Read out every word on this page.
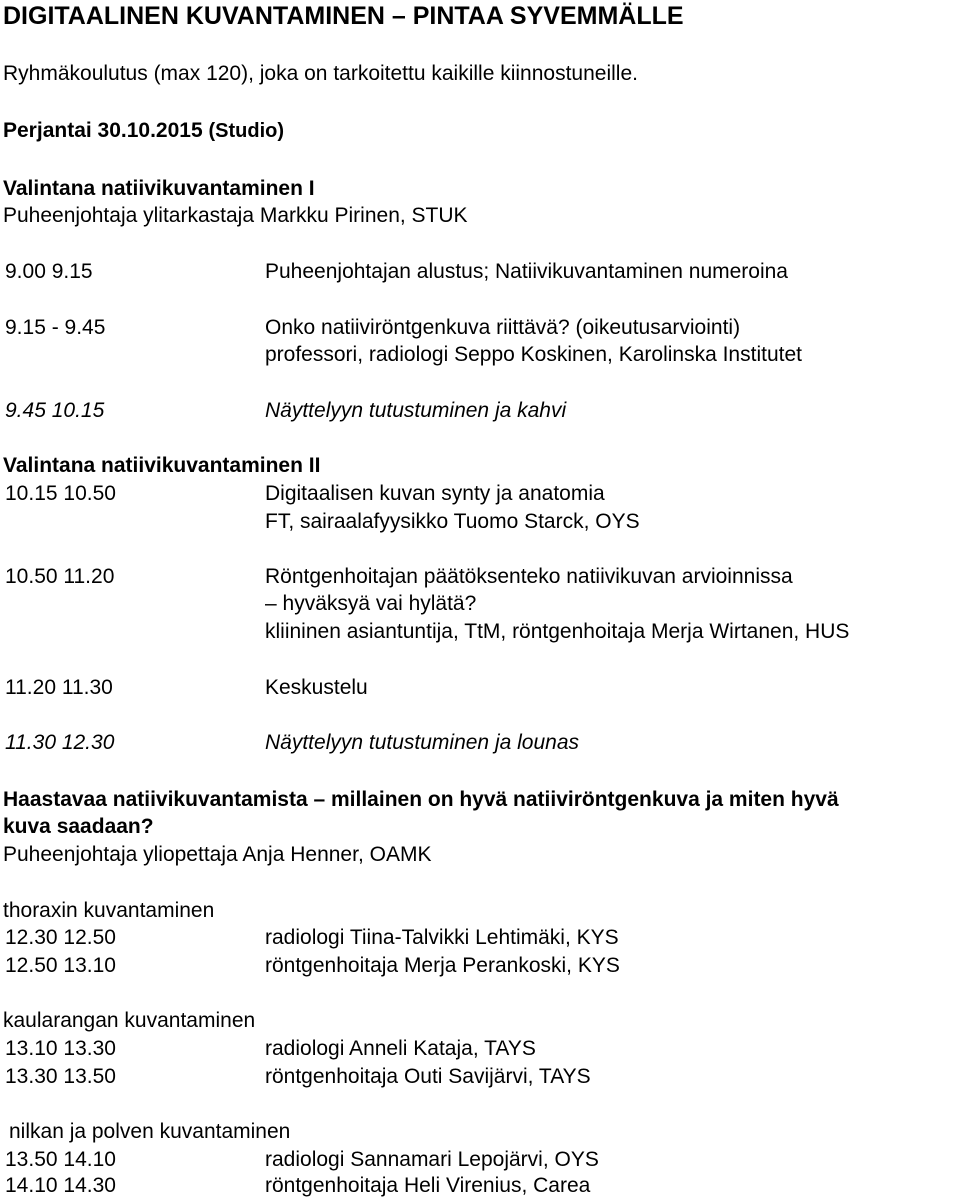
DIGITAALINEN KUVANTAMINEN – PINTAA SYVEMMÄLLE
Ryhmäkoulutus (max 120), joka on tarkoitettu kaikille kiinnostuneille.
Perjantai 30.10.2015 (Studio)
Valintana natiivikuvantaminen I
Puheenjohtaja ylitarkastaja Markku Pirinen, STUK
9.00 9.15	Puheenjohtajan alustus; Natiivikuvantaminen numeroina
9.15 - 9.45	Onko natiiviröntgenkuva riittävä? (oikeutusarviointi)
professori, radiologi Seppo Koskinen, Karolinska Institutet
9.45 10.15	Näyttelyyn tutustuminen ja kahvi
Valintana natiivikuvantaminen II
10.15 10.50	Digitaalisen kuvan synty ja anatomia
FT, sairaalafyysikko Tuomo Starck, OYS
10.50 11.20	Röntgenhoitajan päätöksenteko natiivikuvan arvioinnissa
– hyväksyä vai hylätä?
kliininen asiantuntija, TtM, röntgenhoitaja Merja Wirtanen, HUS
11.20 11.30	Keskustelu
11.30 12.30	Näyttelyyn tutustuminen ja lounas
Haastavaa natiivikuvantamista – millainen on hyvä natiiviröntgenkuva ja miten hyvä
kuva saadaan?
Puheenjohtaja yliopettaja Anja Henner, OAMK
thoraxin kuvantaminen
12.30 12.50	radiologi Tiina-Talvikki Lehtimäki, KYS
12.50 13.10	röntgenhoitaja Merja Perankoski, KYS
kaularangan kuvantaminen
13.10 13.30	radiologi Anneli Kataja, TAYS
13.30 13.50	röntgenhoitaja Outi Savijärvi, TAYS
nilkan ja polven kuvantaminen
13.50 14.10	radiologi Sannamari Lepojärvi, OYS
14.10 14.30	röntgenhoitaja Heli Virenius, Carea
